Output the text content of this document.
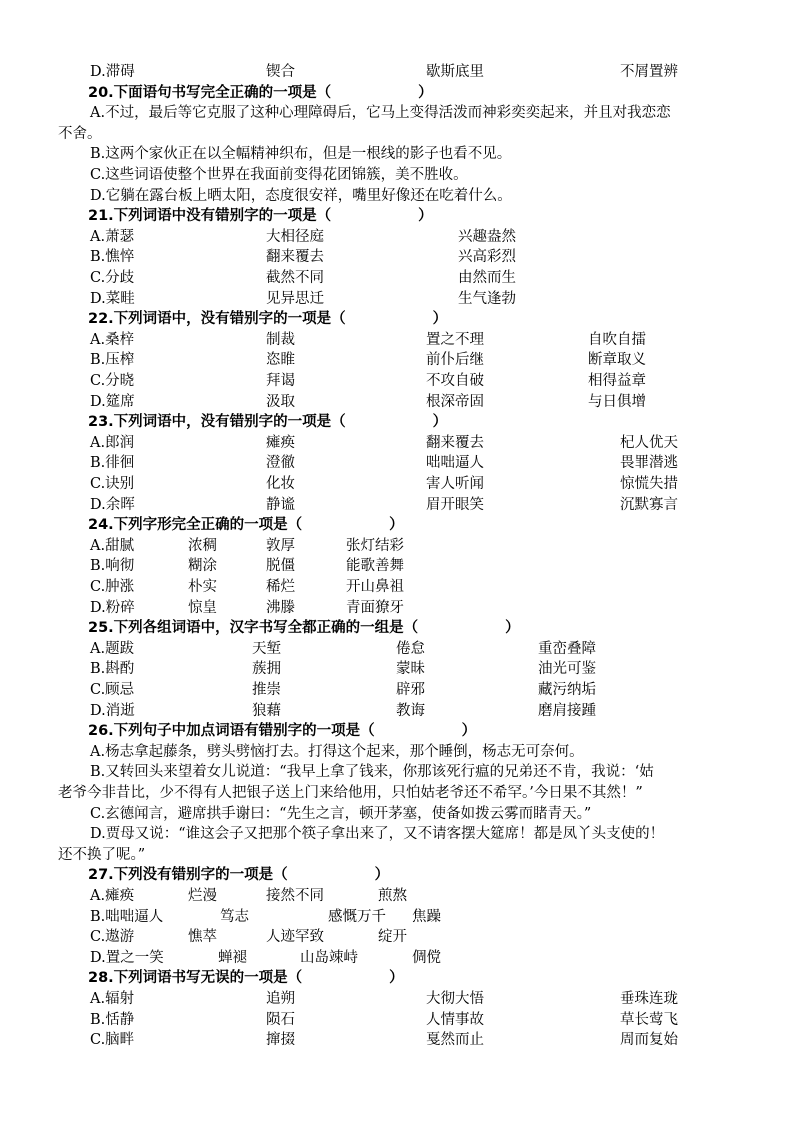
D.滞碍	锲合	歇斯底里	不屑置辨
20.下面语句书写完全正确的一项是（　　　　　　）
A.不过，最后等它克服了这种心理障碍后，它马上变得活泼而神彩奕奕起来，并且对我恋恋
不舍。
B.这两个家伙正在以全幅精神织布，但是一根线的影子也看不见。
C.这些词语使整个世界在我面前变得花团锦簇，美不胜收。
D.它躺在露台板上晒太阳，态度很安祥，嘴里好像还在吃着什么。
21.下列词语中没有错别字的一项是（　　　　　　）
A.萧瑟	大相径庭	兴趣盎然
B.憔悴	翻来覆去	兴高彩烈
C.分歧	截然不同	由然而生
D.菜畦	见异思迁	生气逢勃
22.下列词语中，没有错别字的一项是（　　　　　　）
A.桑梓	制裁	置之不理	自吹自擂
B.压榨	恣睢	前仆后继	断章取义
C.分晓	拜谒	不攻自破	相得益章
D.筵席	汲取	根深帝固	与日俱增
23.下列词语中，没有错别字的一项是（　　　　　　）
A.郎润	瘫痪	翻来覆去	杞人优天
B.徘徊	澄徹	咄咄逼人	畏罪潜逃
C.诀别	化妆	害人听闻	惊慌失措
D.余晖	静谧	眉开眼笑	沉默寡言
24.下列字形完全正确的一项是（　　　　　　）
A.甜腻	浓稠	敦厚	张灯结彩
B.响彻	糊涂	脱僵	能歌善舞
C.肿涨	朴实	稀烂	开山鼻祖
D.粉碎	惊皇	沸滕	青面獠牙
25.下列各组词语中，汉字书写全都正确的一组是（　　　　　　）
A.题跋	天堑	倦怠	重峦叠障
B.斟酌	蔟拥	蒙昧	油光可鉴
C.顾忌	推崇	辟邪	藏污纳垢
D.消逝	狼藉	教诲	磨肩接踵
26.下列句子中加点词语有错别字的一项是（　　　　　　）
A.杨志拿起藤条，劈头劈恼打去。打得这个起来，那个睡倒，杨志无可奈何。
B.又转回头来望着女儿说道：“我早上拿了钱来，你那该死行瘟的兄弟还不肯，我说：‘姑
老爷今非昔比，少不得有人把银子送上门来给他用，只怕姑老爷还不希罕。’今日果不其然！”
C.玄德闻言，避席拱手谢曰：“先生之言，顿开茅塞，使备如拨云雾而睹青天。”
D.贾母又说：“谁这会子又把那个筷子拿出来了，又不请客摆大筵席！都是凤丫头支使的！
还不换了呢。”
27.下列没有错别字的一项是（　　　　　　）
A.瘫痪	烂漫	接然不同	煎熬
B.咄咄逼人	笃志	感慨万千 焦躁
C.遨游	憔萃	人迹罕致	绽开
D.置之一笑	蝉褪	山岛竦峙	倜傥
28.下列词语书写无误的一项是（　　　　　　）
A.辐射	追朔	大彻大悟	垂珠连珑
B.恬静	陨石	人情事故	草长莺飞
C.脑畔	撺掇	戛然而止	周而复始
